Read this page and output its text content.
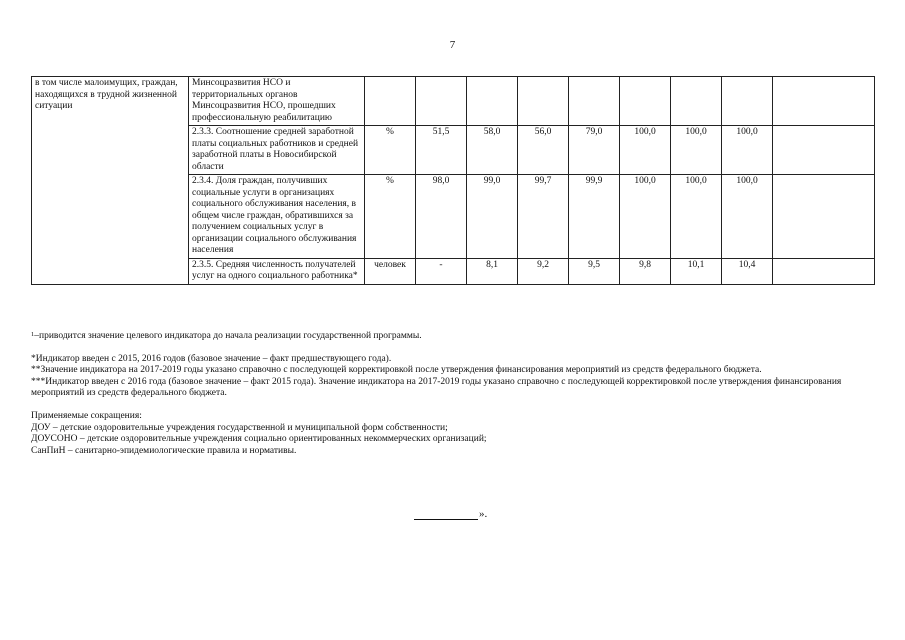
7
в том числе малоимущих, граждан, находящихся в трудной жизненной ситуации	Минсоцразвития НСО и территориальных органов Минсоцразвития НСО, прошедших профессиональную реабилитацию									
	2.3.3. Соотношение средней заработной платы социальных работников и средней заработной платы в Новосибирской области	%	51,5	58,0	56,0	79,0	100,0	100,0	100,0	
	2.3.4. Доля граждан, получивших социальные услуги в организациях социального обслуживания населения, в общем числе граждан, обратившихся за получением социальных услуг в организации социального обслуживания населения	%	98,0	99,0	99,7	99,9	100,0	100,0	100,0	
	2.3.5. Средняя численность получателей услуг на одного социального работника*	человек	-	8,1	9,2	9,5	9,8	10,1	10,4	

$^1$–приводится значение целевого индикатора до начала реализации государственной программы.

*Индикатор введен с 2015, 2016 годов (базовое значение – факт предшествующего года).

**Значение индикатора на 2017-2019 годы указано справочно с последующей корректировкой после утверждения финансирования мероприятий из средств федерального бюджета.

***Индикатор введен с 2016 года (базовое значение – факт 2015 года). Значение индикатора на 2017-2019 годы указано справочно с последующей корректировкой после утверждения финансирования мероприятий из средств федерального бюджета.

Применяемые сокращения:

ДОУ – детские оздоровительные учреждения государственной и муниципальной форм собственности;

ДОУСОНО – детские оздоровительные учреждения социально ориентированных некоммерческих организаций;

СанПиН – санитарно-эпидемиологические правила и нормативы.

».
